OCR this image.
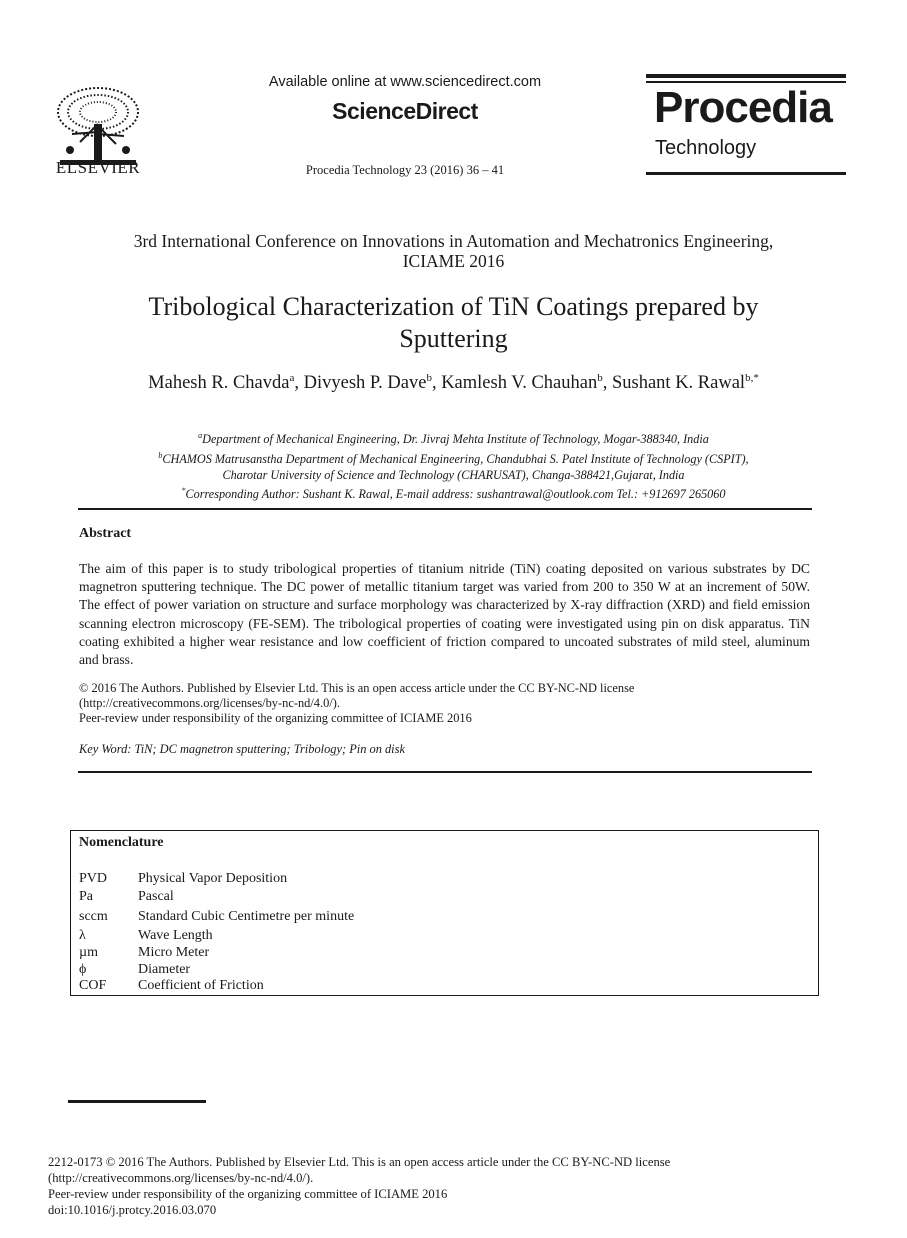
ELSEVIER
Available online at www.sciencedirect.com
ScienceDirect
Procedia Technology 23 (2016) 36 – 41
Procedia
Technology
3rd International Conference on Innovations in Automation and Mechatronics Engineering,
ICIAME 2016
Tribological Characterization of TiN Coatings prepared by
Sputtering
Mahesh R. Chavda$^a$, Divyesh P. Dave$^b$, Kamlesh V. Chauhan$^b$, Sushant K. Rawal$^{b,*}$
$^a$Department of Mechanical Engineering, Dr. Jivraj Mehta Institute of Technology, Mogar-388340, India
$^b$CHAMOS Matrusanstha Department of Mechanical Engineering, Chandubhai S. Patel Institute of Technology (CSPIT),
Charotar University of Science and Technology (CHARUSAT), Changa-388421,Gujarat, India
*Corresponding Author: Sushant K. Rawal, E-mail address: sushantrawal@outlook.com Tel.: +912697 265060
Abstract
The aim of this paper is to study tribological properties of titanium nitride (TiN) coating deposited on various substrates by DC magnetron sputtering technique. The DC power of metallic titanium target was varied from 200 to 350 W at an increment of 50W. The effect of power variation on structure and surface morphology was characterized by X-ray diffraction (XRD) and field emission scanning electron microscopy (FE-SEM). The tribological properties of coating were investigated using pin on disk apparatus. TiN coating exhibited a higher wear resistance and low coefficient of friction compared to uncoated substrates of mild steel, aluminum and brass.
© 2016 The Authors. Published by Elsevier Ltd. This is an open access article under the CC BY-NC-ND license
(http://creativecommons.org/licenses/by-nc-nd/4.0/).
Peer-review under responsibility of the organizing committee of ICIAME 2016
Key Word: TiN; DC magnetron sputtering; Tribology; Pin on disk
Nomenclature
PVD Physical Vapor Deposition
Pa	Pascal
sccm Standard Cubic Centimetre per minute
λ	Wave Length
µm	Micro Meter
ϕ	Diameter
COF Coefficient of Friction
2212-0173 © 2016 The Authors. Published by Elsevier Ltd. This is an open access article under the CC BY-NC-ND license
(http://creativecommons.org/licenses/by-nc-nd/4.0/).
Peer-review under responsibility of the organizing committee of ICIAME 2016
doi:10.1016/j.protcy.2016.03.070
